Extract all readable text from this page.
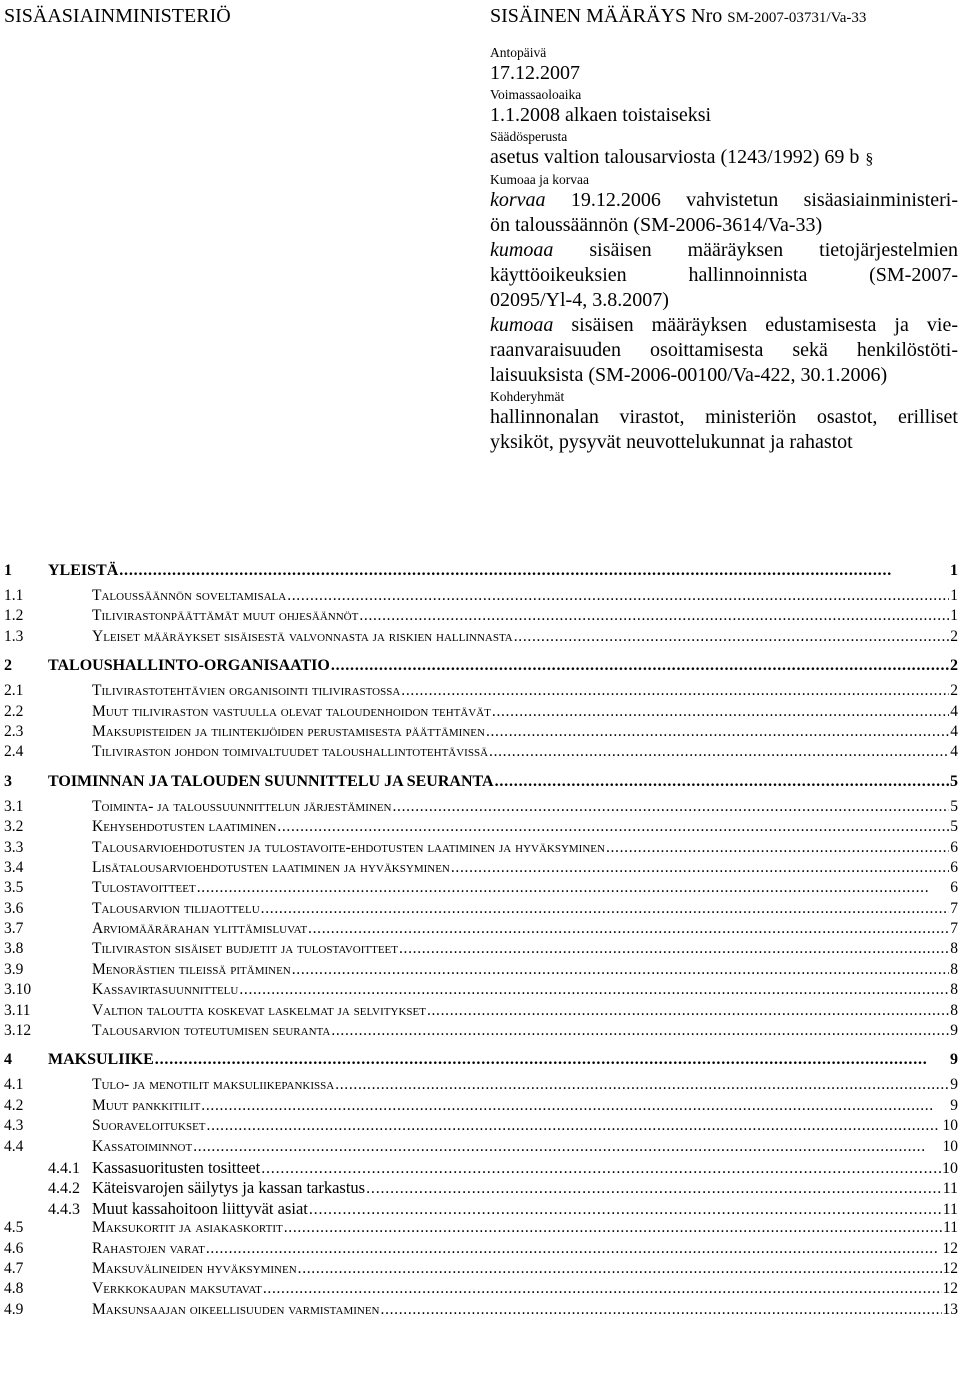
SISÄASIAINMINISTERIÖ	SISÄINEN MÄÄRÄYS Nro SM-2007-03731/Va-33
Antopäivä
17.12.2007
Voimassaoloaika
1.1.2008 alkaen toistaiseksi
Säädösperusta
asetus valtion talousarviosta (1243/1992) 69 b §
Kumoaa ja korvaa
korvaa 19.12.2006 vahvistetun sisäasiainministeri-
ön taloussäännön (SM-2006-3614/Va-33)
kumoaa sisäisen määräyksen tietojärjestelmien
käyttöoikeuksien hallinnoinnista (SM-2007-
02095/Yl-4, 3.8.2007)
kumoaa sisäisen määräyksen edustamisesta ja vie-
raanvaraisuuden osoittamisesta sekä henkilöstöti-
laisuuksista (SM-2006-00100/Va-422, 30.1.2006)
Kohderyhmät
hallinnonalan virastot, ministeriön osastot, erilliset
yksiköt, pysyvät neuvottelukunnat ja rahastot
1	YLEISTÄ . . .	1
1.1	Taloussäännön soveltamisala . . .	1
1.2	Tilivirastonpäättämät muut ohjesäännöt . . .	1
1.3	Yleiset määräykset sisäisestä valvonnasta ja riskien hallinnasta . . .	2
2	TALOUSHALLINTO-ORGANISAATIO . . .	2
2.1	Tilivirastotehtävien organisointi tilivirastossa . . .	2
2.2	Muut tiliviraston vastuulla olevat taloudenhoidon tehtävät . . .	4
2.3	Maksupisteiden ja tilintekijöiden perustamisesta päättäminen . . .	4
2.4	Tiliviraston johdon toimivaltuudet taloushallintotehtävissä . . .	4
3	TOIMINNAN JA TALOUDEN SUUNNITTELU JA SEURANTA . . .	5
3.1	Toiminta- ja taloussuunnittelun järjestäminen . . .	5
3.2	Kehysehdotusten laatiminen . . .	5
3.3	Talousarvioehdotusten ja tulostavoite-ehdotusten laatiminen ja hyväksyminen . . .	6
3.4	Lisätalousarvioehdotusten laatiminen ja hyväksyminen . . .	6
3.5	Tulostavoitteet . . .	6
3.6	Talousarvion tilijaottelu . . .	7
3.7	Arviomäärärahan ylittämisluvat . . .	7
3.8	Tiliviraston sisäiset budjetit ja tulostavoitteet . . .	8
3.9	Menorästien tileissä pitäminen . . .	8
3.10	Kassavirtasuunnittelu . . .	8
3.11	Valtion taloutta koskevat laskelmat ja selvitykset . . .	8
3.12	Talousarvion toteutumisen seuranta . . .	9
4	MAKSULIIKE . . .	9
4.1	Tulo- ja menotilit maksuliikepankissa . . .	9
4.2	Muut pankkitilit . . .	9
4.3	Suoraveloitukset . . .	10
4.4	Kassatoiminnot . . .	10
4.4.1 Kassasuoritusten tositteet . . .	10
4.4.2 Käteisvarojen säilytys ja kassan tarkastus . . .	11
4.4.3 Muut kassahoitoon liittyvät asiat . . .	11
4.5	Maksukortit ja asiakaskortit . . .	11
4.6	Rahastojen varat . . .	12
4.7	Maksuvälineiden hyväksyminen . . .	12
4.8	Verkkokaupan maksutavat . . .	12
4.9	Maksunsaajan oikeellisuuden varmistaminen . . .	13
